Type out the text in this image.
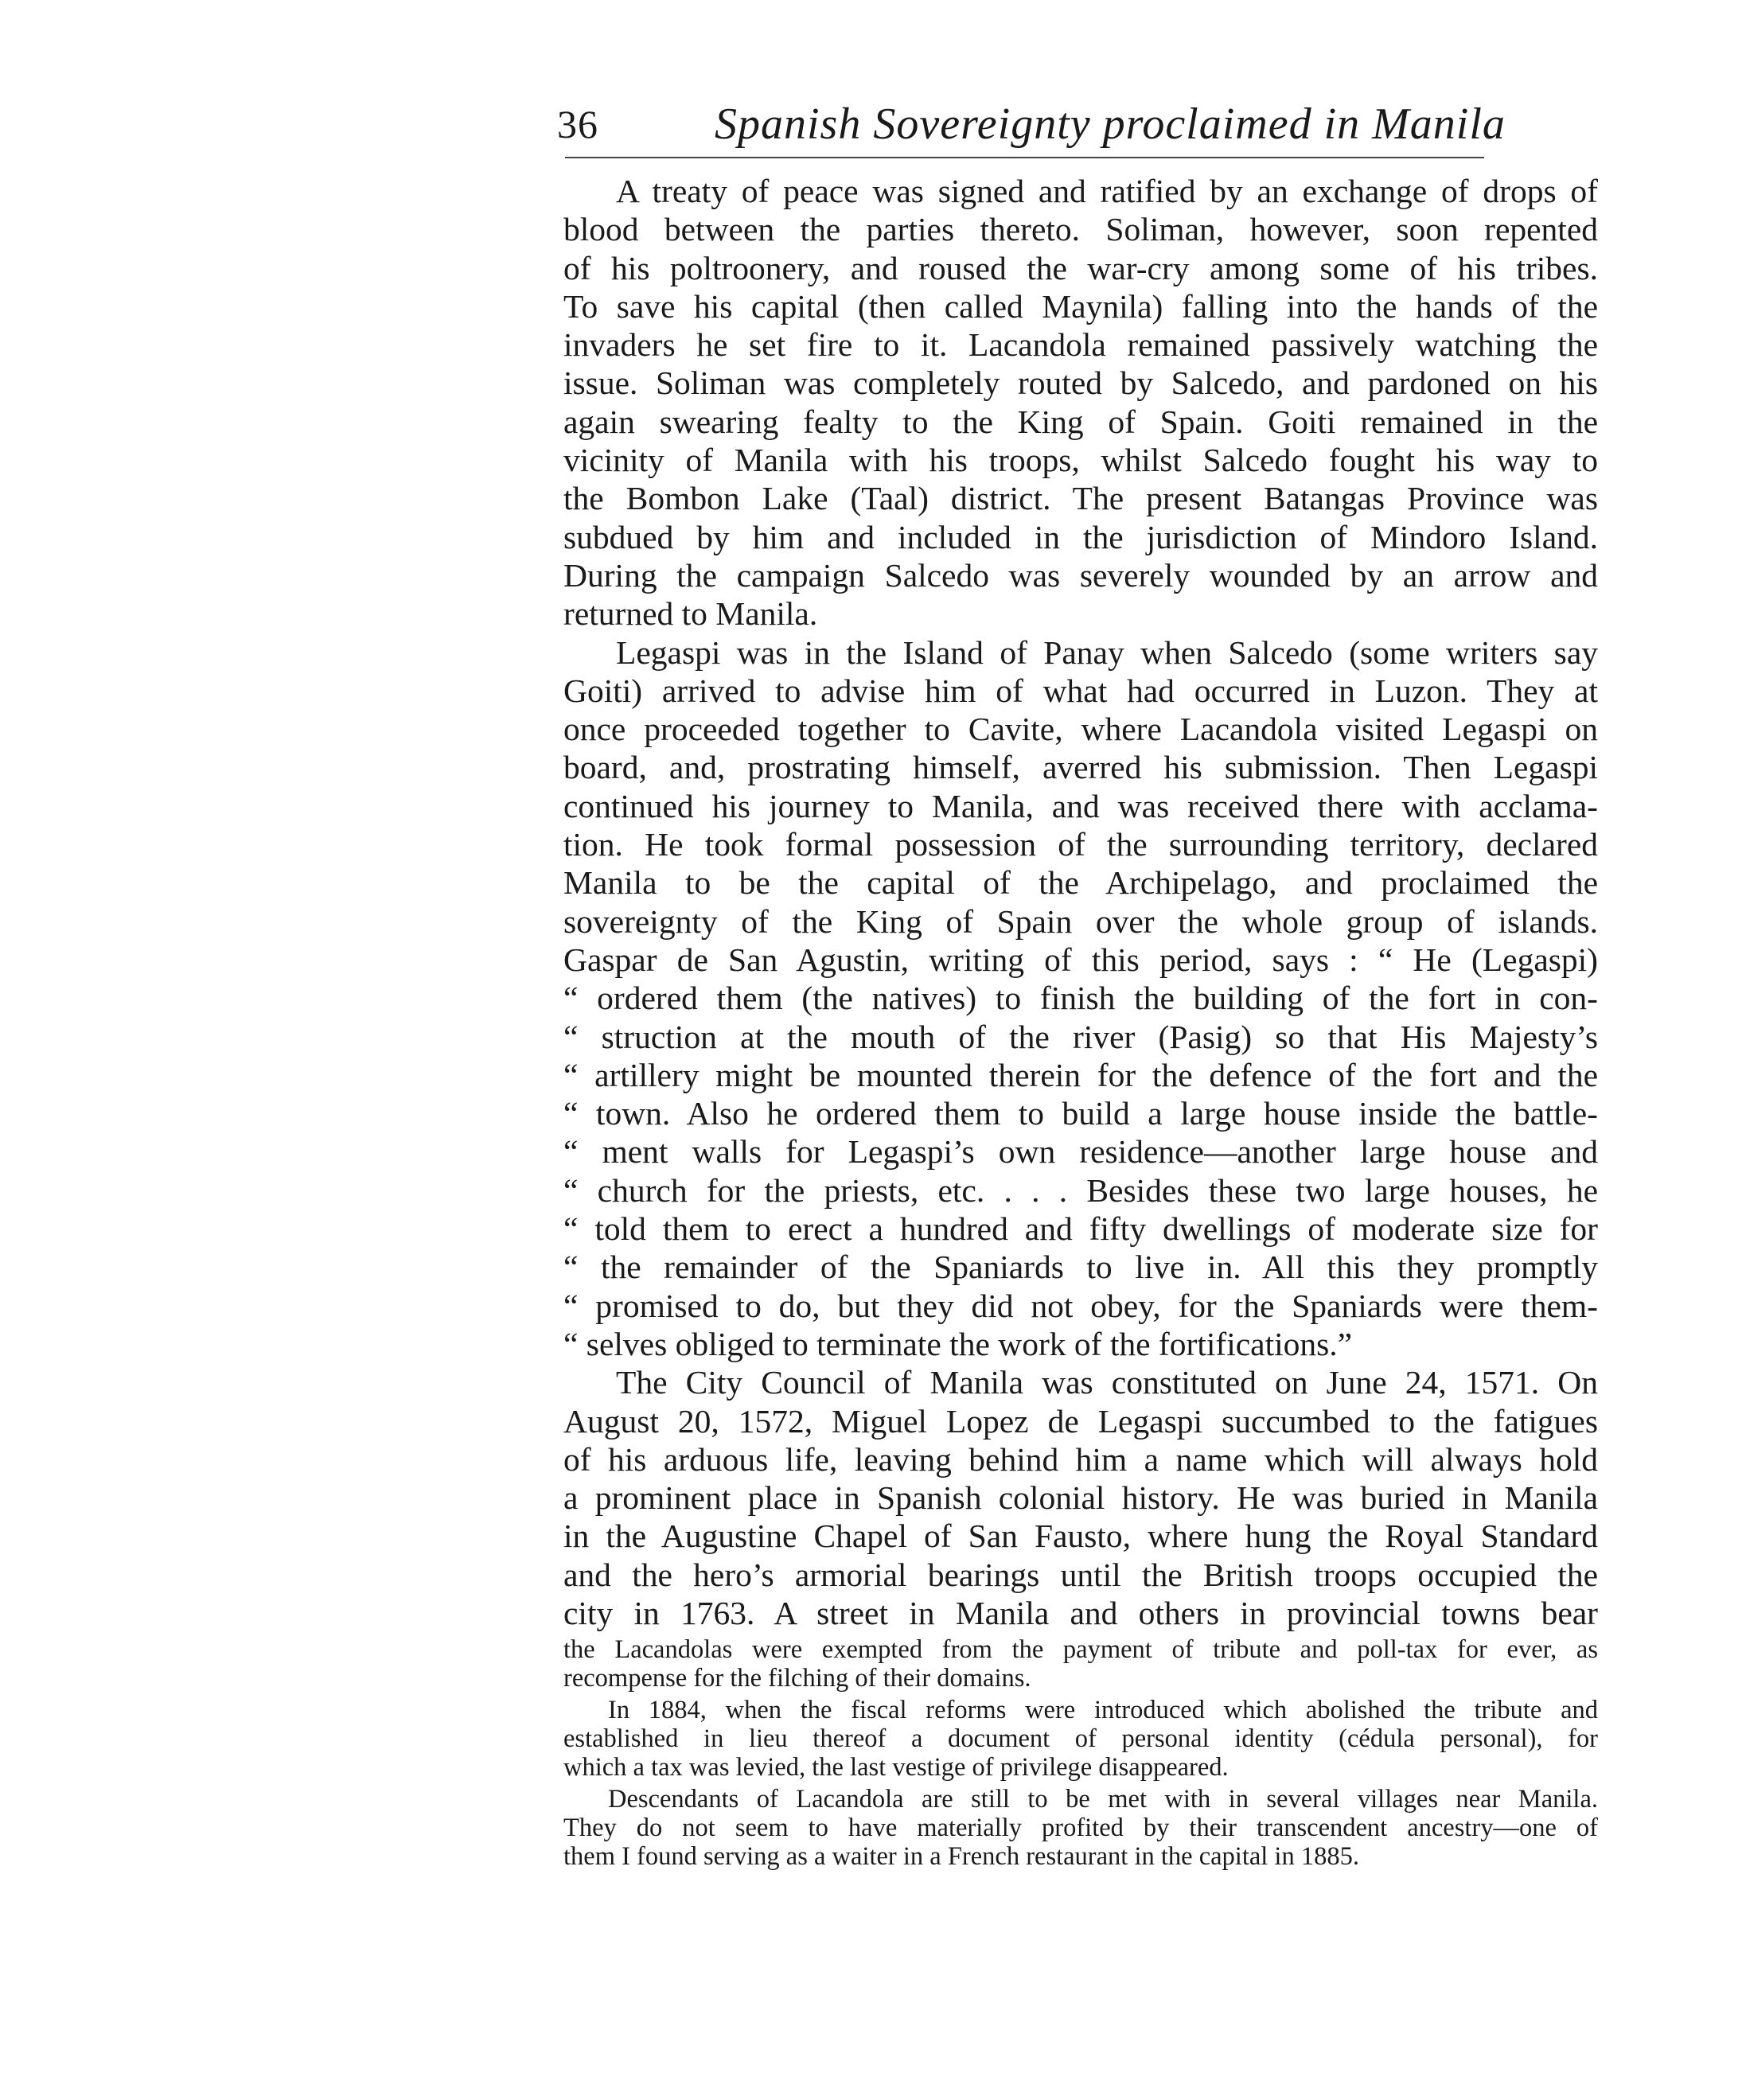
36	Spanish Sovereignty proclaimed in Manila

A treaty of peace was signed and ratified by an exchange of drops of
blood between the parties thereto. Soliman, however, soon repented
of his poltroonery, and roused the war-cry among some of his tribes.
To save his capital (then called Maynila) falling into the hands of the
invaders he set fire to it. Lacandola remained passively watching the
issue. Soliman was completely routed by Salcedo, and pardoned on his
again swearing fealty to the King of Spain. Goiti remained in the
vicinity of Manila with his troops, whilst Salcedo fought his way to
the Bombon Lake (Taal) district. The present Batangas Province was
subdued by him and included in the jurisdiction of Mindoro Island.
During the campaign Salcedo was severely wounded by an arrow and
returned to Manila.

Legaspi was in the Island of Panay when Salcedo (some writers say
Goiti) arrived to advise him of what had occurred in Luzon. They at
once proceeded together to Cavite, where Lacandola visited Legaspi on
board, and, prostrating himself, averred his submission. Then Legaspi
continued his journey to Manila, and was received there with acclama-
tion. He took formal possession of the surrounding territory, declared
Manila to be the capital of the Archipelago, and proclaimed the
sovereignty of the King of Spain over the whole group of islands.
Gaspar de San Agustin, writing of this period, says : “ He (Legaspi)
“ ordered them (the natives) to finish the building of the fort in con-
“ struction at the mouth of the river (Pasig) so that His Majesty’s
“ artillery might be mounted therein for the defence of the fort and the
“ town. Also he ordered them to build a large house inside the battle-
“ ment walls for Legaspi’s own residence—another large house and
“ church for the priests, etc. . . . Besides these two large houses, he
“ told them to erect a hundred and fifty dwellings of moderate size for
“ the remainder of the Spaniards to live in. All this they promptly
“ promised to do, but they did not obey, for the Spaniards were them-
“ selves obliged to terminate the work of the fortifications.”

The City Council of Manila was constituted on June 24, 1571. On
August 20, 1572, Miguel Lopez de Legaspi succumbed to the fatigues
of his arduous life, leaving behind him a name which will always hold
a prominent place in Spanish colonial history. He was buried in Manila
in the Augustine Chapel of San Fausto, where hung the Royal Standard
and the hero’s armorial bearings until the British troops occupied the
city in 1763. A street in Manila and others in provincial towns bear

the Lacandolas were exempted from the payment of tribute and poll-tax for ever, as
recompense for the filching of their domains.

In 1884, when the fiscal reforms were introduced which abolished the tribute and
established in lieu thereof a document of personal identity (cédula personal), for
which a tax was levied, the last vestige of privilege disappeared.

Descendants of Lacandola are still to be met with in several villages near Manila.
They do not seem to have materially profited by their transcendent ancestry—one of
them I found serving as a waiter in a French restaurant in the capital in 1885.
